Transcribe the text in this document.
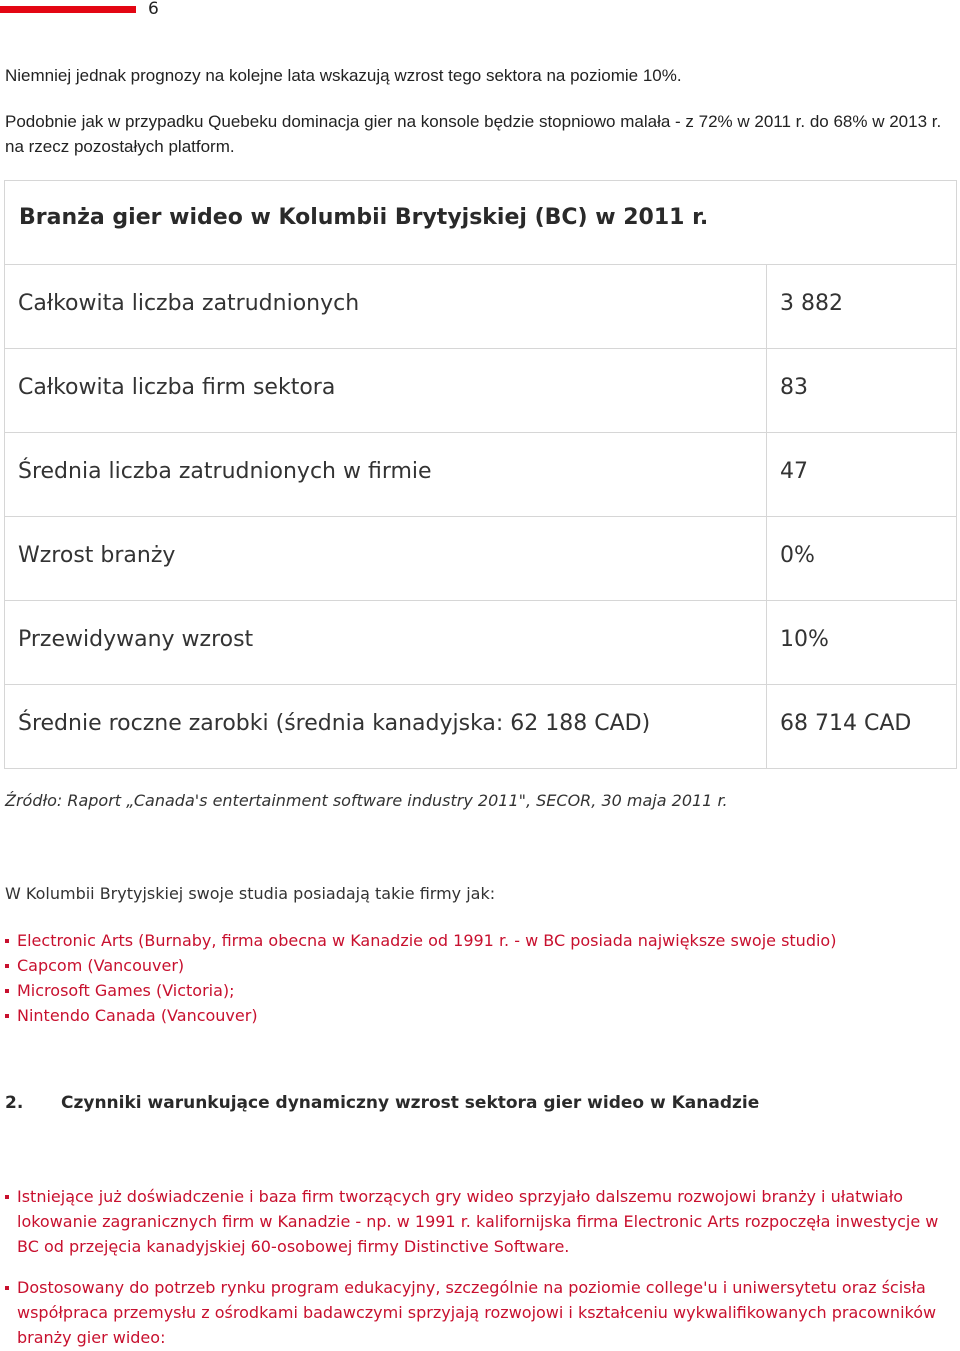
6
Niemniej jednak prognozy na kolejne lata wskazują wzrost tego sektora na poziomie 10%.
Podobnie jak w przypadku Quebeku dominacja gier na konsole będzie stopniowo malała - z 72% w 2011 r. do 68% w 2013 r. na rzecz pozostałych platform.
Branża gier wideo w Kolumbii Brytyjskiej (BC) w 2011 r.
Całkowita liczba zatrudnionych	3 882
Całkowita liczba firm sektora	83
Średnia liczba zatrudnionych w firmie	47
Wzrost branży	0%
Przewidywany wzrost	10%
Średnie roczne zarobki (średnia kanadyjska: 62 188 CAD)	68 714 CAD
Źródło: Raport „Canada's entertainment software industry 2011", SECOR, 30 maja 2011 r.
W Kolumbii Brytyjskiej swoje studia posiadają takie firmy jak:
Electronic Arts (Burnaby, firma obecna w Kanadzie od 1991 r. - w BC posiada największe swoje studio)
Capcom (Vancouver)
Microsoft Games (Victoria);
Nintendo Canada (Vancouver)
2. Czynniki warunkujące dynamiczny wzrost sektora gier wideo w Kanadzie
Istniejące już doświadczenie i baza firm tworzących gry wideo sprzyjało dalszemu rozwojowi branży i ułatwiało lokowanie zagranicznych firm w Kanadzie - np. w 1991 r. kalifornijska firma Electronic Arts rozpoczęła inwestycje w BC od przejęcia kanadyjskiej 60-osobowej firmy Distinctive Software.
Dostosowany do potrzeb rynku program edukacyjny, szczególnie na poziomie college'u i uniwersytetu oraz ścisła współpraca przemysłu z ośrodkami badawczymi sprzyjają rozwojowi i kształceniu wykwalifikowanych pracowników branży gier wideo:
